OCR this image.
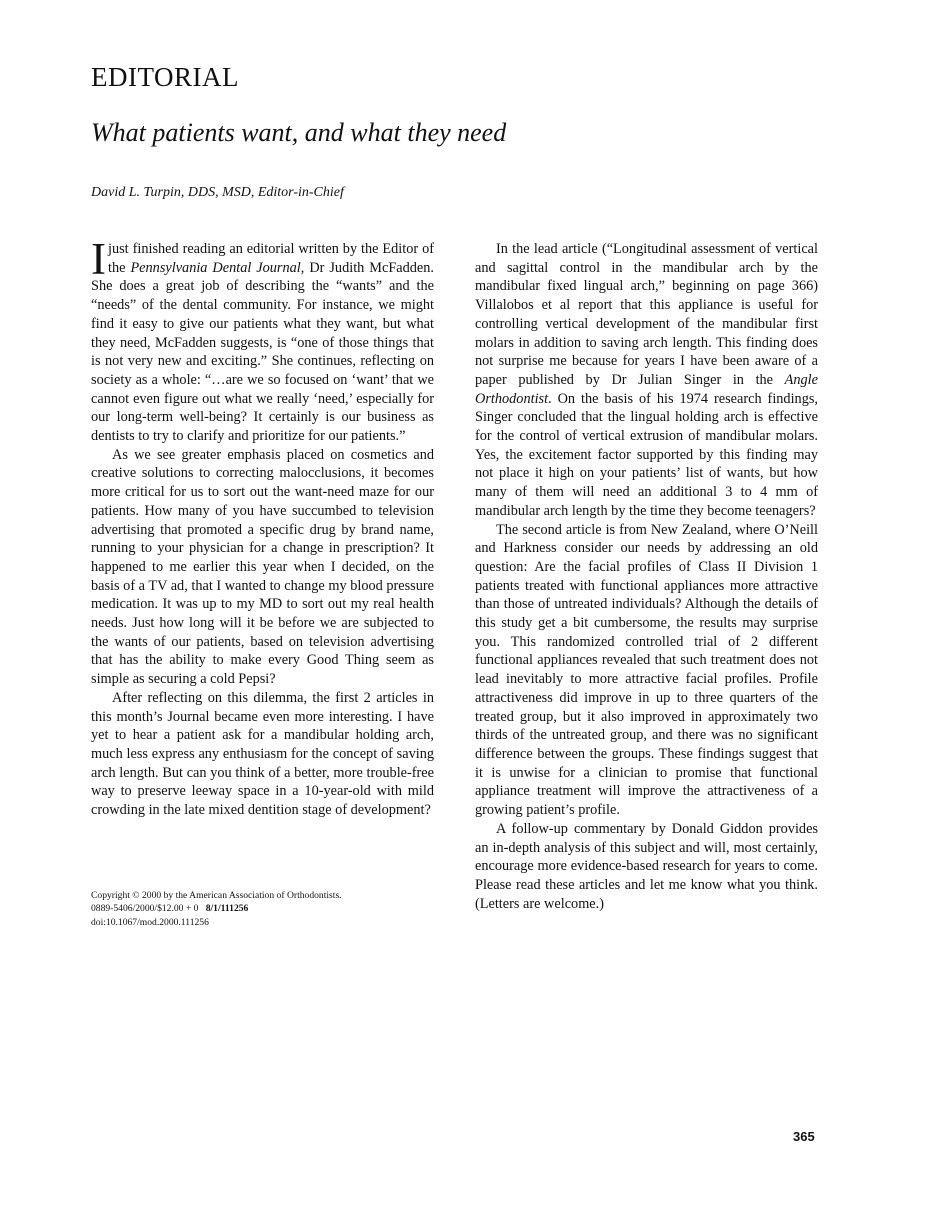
EDITORIAL
What patients want, and what they need
David L. Turpin, DDS, MSD, Editor-in-Chief

I just finished reading an editorial written by the Editor of the Pennsylvania Dental Journal, Dr Judith McFadden. She does a great job of describing the “wants” and the “needs” of the dental community. For instance, we might find it easy to give our patients what they want, but what they need, McFadden suggests, is “one of those things that is not very new and exciting.” She continues, reflecting on society as a whole: “…are we so focused on ‘want’ that we cannot even figure out what we really ‘need,’ especially for our long-term well-being? It certainly is our business as dentists to try to clarify and prioritize for our patients.”

As we see greater emphasis placed on cosmetics and creative solutions to correcting malocclusions, it becomes more critical for us to sort out the want-need maze for our patients. How many of you have succumbed to television advertising that promoted a specific drug by brand name, running to your physician for a change in prescription? It happened to me earlier this year when I decided, on the basis of a TV ad, that I wanted to change my blood pressure medication. It was up to my MD to sort out my real health needs. Just how long will it be before we are subjected to the wants of our patients, based on television advertising that has the ability to make every Good Thing seem as simple as securing a cold Pepsi?

After reflecting on this dilemma, the first 2 articles in this month’s Journal became even more interesting. I have yet to hear a patient ask for a mandibular holding arch, much less express any enthusiasm for the concept of saving arch length. But can you think of a better, more trouble-free way to preserve leeway space in a 10-year-old with mild crowding in the late mixed dentition stage of development?

In the lead article (“Longitudinal assessment of vertical and sagittal control in the mandibular arch by the mandibular fixed lingual arch,” beginning on page 366) Villalobos et al report that this appliance is useful for controlling vertical development of the mandibular first molars in addition to saving arch length. This finding does not surprise me because for years I have been aware of a paper published by Dr Julian Singer in the Angle Orthodontist. On the basis of his 1974 research findings, Singer concluded that the lingual holding arch is effective for the control of vertical extrusion of mandibular molars. Yes, the excitement factor supported by this finding may not place it high on your patients’ list of wants, but how many of them will need an additional 3 to 4 mm of mandibular arch length by the time they become teenagers?

The second article is from New Zealand, where O’Neill and Harkness consider our needs by addressing an old question: Are the facial profiles of Class II Division 1 patients treated with functional appliances more attractive than those of untreated individuals? Although the details of this study get a bit cumbersome, the results may surprise you. This randomized controlled trial of 2 different functional appliances revealed that such treatment does not lead inevitably to more attractive facial profiles. Profile attractiveness did improve in up to three quarters of the treated group, but it also improved in approximately two thirds of the untreated group, and there was no significant difference between the groups. These findings suggest that it is unwise for a clinician to promise that functional appliance treatment will improve the attractiveness of a growing patient’s profile.

A follow-up commentary by Donald Giddon provides an in-depth analysis of this subject and will, most certainly, encourage more evidence-based research for years to come. Please read these articles and let me know what you think. (Letters are welcome.)

Copyright © 2000 by the American Association of Orthodontists.
0889-5406/2000/$12.00 + 0 8/1/111256
doi:10.1067/mod.2000.111256
365
